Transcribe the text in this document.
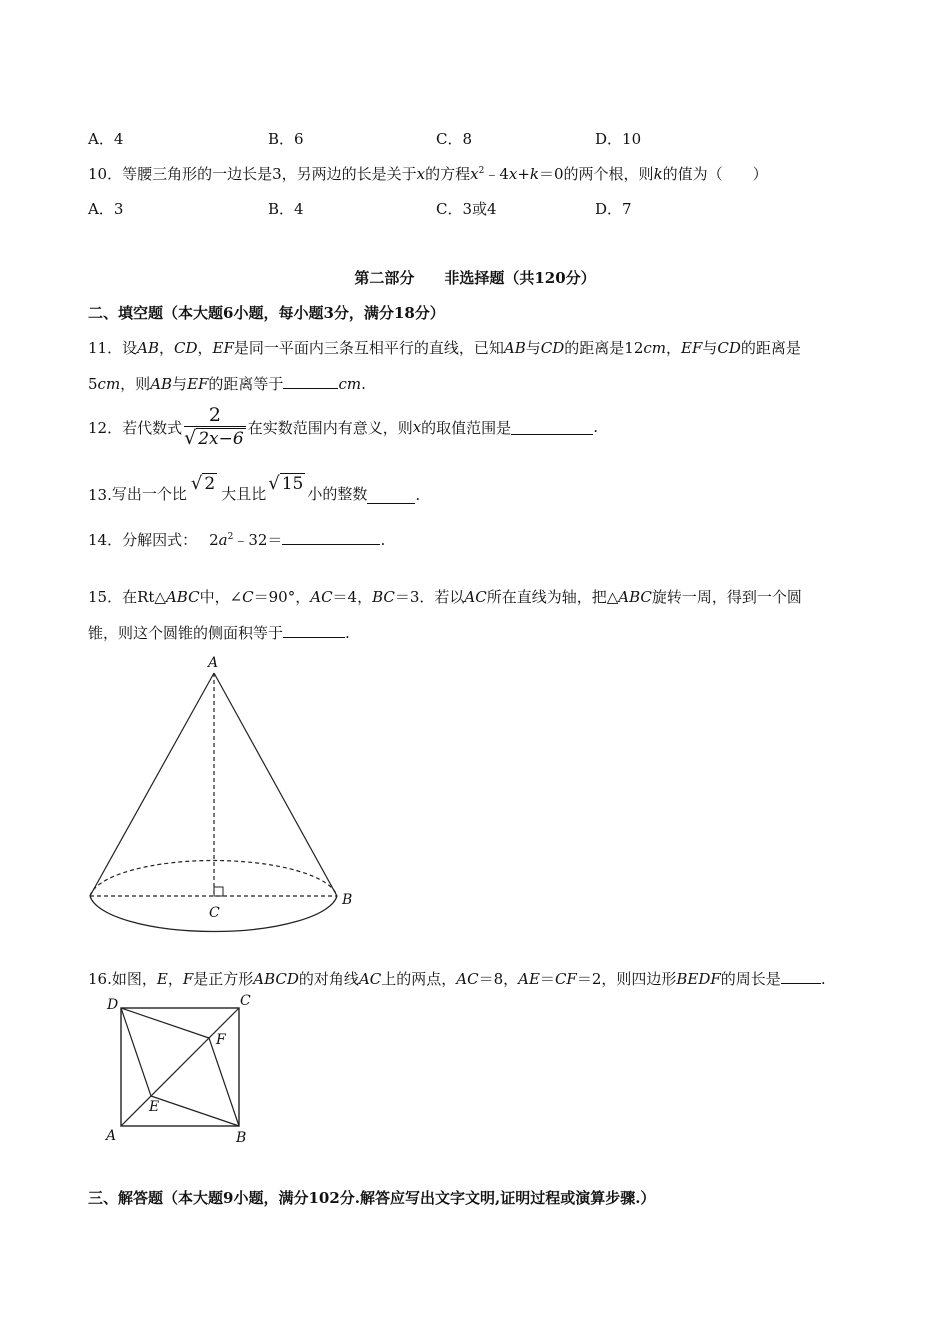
A．4	B．6	C．8	D．10
10．等腰三角形的一边长是3，另两边的长是关于x的方程$x^2﹣4x+k=0$的两个根，则k的值为（　　）
A．3	B．4	C．3或4	D．7
第二部分　　非选择题（共120分）
二、填空题（本大题6小题，每小题3分，满分18分）
11．设AB，CD，EF是同一平面内三条互相平行的直线，已知AB与CD的距离是12cm，EF与CD的距离是
5cm，则AB与EF的距离等于	cm.
12． 若代数式 $\frac{2}{√ 2x-6}$ 在实数范围内有意义，则 x 的取值范围是	.
13. 写出一个比 √ 2 大且比 √ 15 小的整数	.
14．分解因式： $2a^2﹣32=$	.
15．在Rt△ABC中，∠C＝90°，AC＝4，BC＝3．若以AC所在直线为轴，把△ABC旋转一周，得到一个圆
锥，则这个圆锥的侧面积等于	.
A
B
C
16.如图，E，F是正方形ABCD的对角线AC上的两点，AC＝8，AE＝CF＝2，则四边形BEDF的周长是	.
A	B
C
D
E
F
三、解答题（本大题9小题，满分102分.解答应写出文字文明,证明过程或演算步骤.）
